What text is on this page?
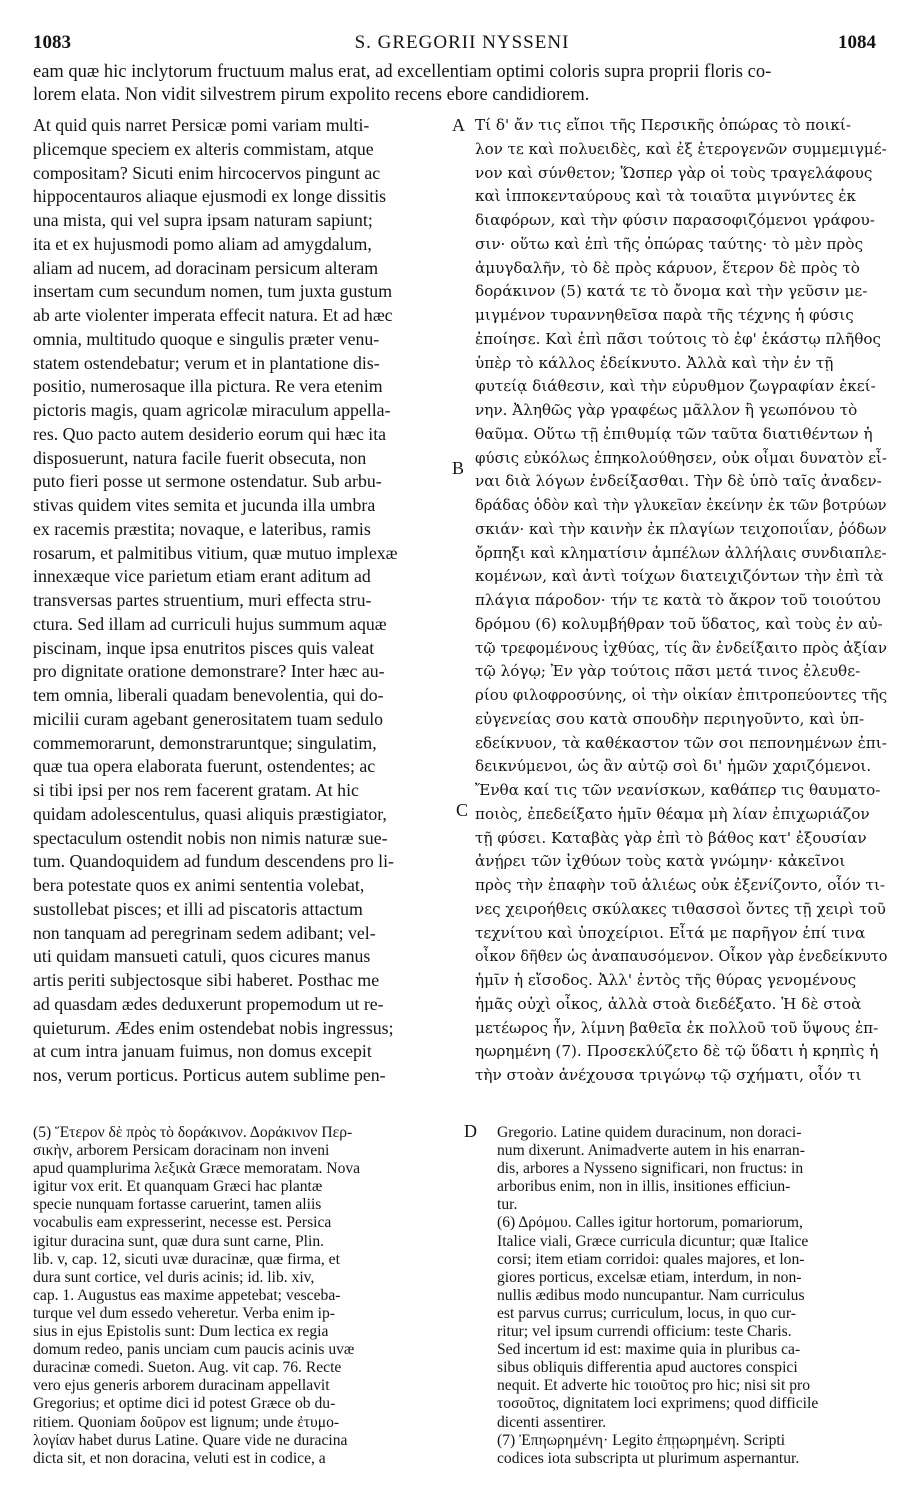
1083	S. GREGORII NYSSENI	1084
eam quæ hic inclytorum fructuum malus erat, ad excellentiam optimi coloris supra proprii floris co-
lorem elata. Non vidit silvestrem pirum expolito recens ebore candidiorem.
At quid quis narret Persicæ pomi variam multi-
plicemque speciem ex alteris commistam, atque
compositam? Sicuti enim hircocervos pingunt ac
hippocentauros aliaque ejusmodi ex longe dissitis
una mista, qui vel supra ipsam naturam sapiunt;
ita et ex hujusmodi pomo aliam ad amygdalum,
aliam ad nucem, ad doracinam persicum alteram
insertam cum secundum nomen, tum juxta gustum
ab arte violenter imperata effecit natura. Et ad hæc
omnia, multitudo quoque e singulis præter venu-
statem ostendebatur; verum et in plantatione dis-
positio, numerosaque illa pictura. Re vera etenim
pictoris magis, quam agricolæ miraculum appella-
res. Quo pacto autem desiderio eorum qui hæc ita
disposuerunt, natura facile fuerit obsecuta, non
puto fieri posse ut sermone ostendatur. Sub arbu-
stivas quidem vites semita et jucunda illa umbra
ex racemis præstita; novaque, e lateribus, ramis
rosarum, et palmitibus vitium, quæ mutuo implexæ
innexæque vice parietum etiam erant aditum ad
transversas partes struentium, muri effecta stru-
ctura. Sed illam ad curriculi hujus summum aquæ
piscinam, inque ipsa enutritos pisces quis valeat
pro dignitate oratione demonstrare? Inter hæc au-
tem omnia, liberali quadam benevolentia, qui do-
micilii curam agebant generositatem tuam sedulo
commemorarunt, demonstraruntque; singulatim,
quæ tua opera elaborata fuerunt, ostendentes; ac
si tibi ipsi per nos rem facerent gratam. At hic
quidam adolescentulus, quasi aliquis præstigiator,
spectaculum ostendit nobis non nimis naturæ sue-
tum. Quandoquidem ad fundum descendens pro li-
bera potestate quos ex animi sententia volebat,
sustollebat pisces; et illi ad piscatoris attactum
non tanquam ad peregrinam sedem adibant; vel-
uti quidam mansueti catuli, quos cicures manus
artis periti subjectosque sibi haberet. Posthac me
ad quasdam ædes deduxerunt propemodum ut re-
quieturum. Ædes enim ostendebat nobis ingressus;
at cum intra januam fuimus, non domus excepit
nos, verum porticus. Porticus autem sublime pen-
Τί δ' ἄν τις εἴποι τῆς Περσικῆς ὀπώρας τὸ ποικί-
λον τε καὶ πολυειδὲς, καὶ ἐξ ἑτερογενῶν συμμεμιγμέ-
νον καὶ σύνθετον; Ὥσπερ γὰρ οἱ τοὺς τραγελάφους
καὶ ἱπποκενταύρους καὶ τὰ τοιαῦτα μιγνύντες ἐκ
διαφόρων, καὶ τὴν φύσιν παρασοφιζόμενοι γράφου-
σιν· οὕτω καὶ ἐπὶ τῆς ὀπώρας ταύτης· τὸ μὲν πρὸς
ἀμυγδαλῆν, τὸ δὲ πρὸς κάρυον, ἕτερον δὲ πρὸς τὸ
δοράκινον (5) κατά τε τὸ ὄνομα καὶ τὴν γεῦσιν με-
μιγμένον τυραννηθεῖσα παρὰ τῆς τέχνης ἡ φύσις
ἐποίησε. Καὶ ἐπὶ πᾶσι τούτοις τὸ ἐφ' ἑκάστῳ πλῆθος
ὑπὲρ τὸ κάλλος ἐδείκνυτο. Ἀλλὰ καὶ τὴν ἐν τῇ
φυτείᾳ διάθεσιν, καὶ τὴν εὐρυθμον ζωγραφίαν ἐκεί-
νην. Ἀληθῶς γὰρ γραφέως μᾶλλον ἢ γεωπόνου τὸ
θαῦμα. Οὕτω τῇ ἐπιθυμίᾳ τῶν ταῦτα διατιθέντων ἡ
φύσις εὐκόλως ἐπηκολούθησεν, οὐκ οἶμαι δυνατὸν εἶ-
ναι διὰ λόγων ἐνδείξασθαι. Τὴν δὲ ὑπὸ ταῖς ἀναδεν-
δράδας ὁδὸν καὶ τὴν γλυκεῖαν ἐκείνην ἐκ τῶν βοτρύων
σκιάν· καὶ τὴν καινὴν ἐκ πλαγίων τειχοποιΐαν, ῥόδων
ὄρπηξι καὶ κληματίσιν ἀμπέλων ἀλλήλαις συνδιαπλε-
κομένων, καὶ ἀντὶ τοίχων διατειχιζόντων τὴν ἐπὶ τὰ
πλάγια πάροδον· τήν τε κατὰ τὸ ἄκρον τοῦ τοιούτου
δρόμου (6) κολυμβήθραν τοῦ ὕδατος, καὶ τοὺς ἐν αὐ-
τῷ τρεφομένους ἰχθύας, τίς ἂν ἐνδείξαιτο πρὸς ἀξίαν
τῷ λόγῳ; Ἐν γὰρ τούτοις πᾶσι μετά τινος ἐλευθε-
ρίου φιλοφροσύνης, οἱ τὴν οἰκίαν ἐπιτροπεύοντες τῆς
εὐγενείας σου κατὰ σπουδὴν περιηγοῦντο, καὶ ὑπ-
εδείκνυον, τὰ καθέκαστον τῶν σοι πεπονημένων ἐπι-
δεικνύμενοι, ὡς ἂν αὐτῷ σοὶ δι' ἡμῶν χαριζόμενοι.
Ἔνθα καί τις τῶν νεανίσκων, καθάπερ τις θαυματο-
ποιὸς, ἐπεδείξατο ἡμῖν θέαμα μὴ λίαν ἐπιχωριάζον
τῇ φύσει. Καταβὰς γὰρ ἐπὶ τὸ βάθος κατ' ἐξουσίαν
ἀνῄρει τῶν ἰχθύων τοὺς κατὰ γνώμην· κἀκεῖνοι
πρὸς τὴν ἐπαφὴν τοῦ ἁλιέως οὐκ ἐξενίζοντο, οἷόν τι-
νες χειροήθεις σκύλακες τιθασσοὶ ὄντες τῇ χειρὶ τοῦ
τεχνίτου καὶ ὑποχείριοι. Εἶτά με παρῆγον ἐπί τινα
οἶκον δῆθεν ὡς ἀναπαυσόμενον. Οἶκον γὰρ ἐνεδείκνυτο
ἡμῖν ἡ εἴσοδος. Ἀλλ' ἐντὸς τῆς θύρας γενομένους
ἡμᾶς οὐχὶ οἶκος, ἀλλὰ στοὰ διεδέξατο. Ἡ δὲ στοὰ
μετέωρος ἦν, λίμνη βαθεῖα ἐκ πολλοῦ τοῦ ὕψους ἐπ-
ηωρημένη (7). Προσεκλύζετο δὲ τῷ ὕδατι ἡ κρηπὶς ἡ
τὴν στοὰν ἀνέχουσα τριγώνῳ τῷ σχήματι, οἷόν τι
A
B
C
D
(5) Ἕτερον δὲ πρὸς τὸ δοράκινον. Δοράκινον Περ-
σικὴν, arborem Persicam doracinam non inveni
apud quamplurima λεξικὰ Græce memoratam. Nova
igitur vox erit. Et quanquam Græci hac plantæ
specie nunquam fortasse caruerint, tamen aliis
vocabulis eam expresserint, necesse est. Persica
igitur duracina sunt, quæ dura sunt carne, Plin.
lib. v, cap. 12, sicuti uvæ duracinæ, quæ firma, et
dura sunt cortice, vel duris acinis; id. lib. xiv,
cap. 1. Augustus eas maxime appetebat; vesceba-
turque vel dum essedo veheretur. Verba enim ip-
sius in ejus Epistolis sunt: Dum lectica ex regia
domum redeo, panis unciam cum paucis acinis uvæ
duracinæ comedi. Sueton. Aug. vit cap. 76. Recte
vero ejus generis arborem duracinam appellavit
Gregorius; et optime dici id potest Græce ob du-
ritiem. Quoniam δοῦρον est lignum; unde ἐτυμο-
λογίαν habet durus Latine. Quare vide ne duracina
dicta sit, et non doracina, veluti est in codice, a
Gregorio. Latine quidem duracinum, non doraci-
num dixerunt. Animadverte autem in his enarran-
dis, arbores a Nysseno significari, non fructus: in
arboribus enim, non in illis, insitiones efficiun-
tur.
(6) Δρόμου. Calles igitur hortorum, pomariorum,
Italice viali, Græce curricula dicuntur; quæ Italice
corsi; item etiam corridoi: quales majores, et lon-
giores porticus, excelsæ etiam, interdum, in non-
nullis ædibus modo nuncupantur. Nam curriculus
est parvus currus; curriculum, locus, in quo cur-
ritur; vel ipsum currendi officium: teste Charis.
Sed incertum id est: maxime quia in pluribus ca-
sibus obliquis differentia apud auctores conspici
nequit. Et adverte hic τοιοῦτος pro hic; nisi sit pro
τοσοῦτος, dignitatem loci exprimens; quod difficile
dicenti assentirer.
(7) Ἐπηωρημένη· Legito ἐπῃωρημένη. Scripti
codices iota subscripta ut plurimum aspernantur.
